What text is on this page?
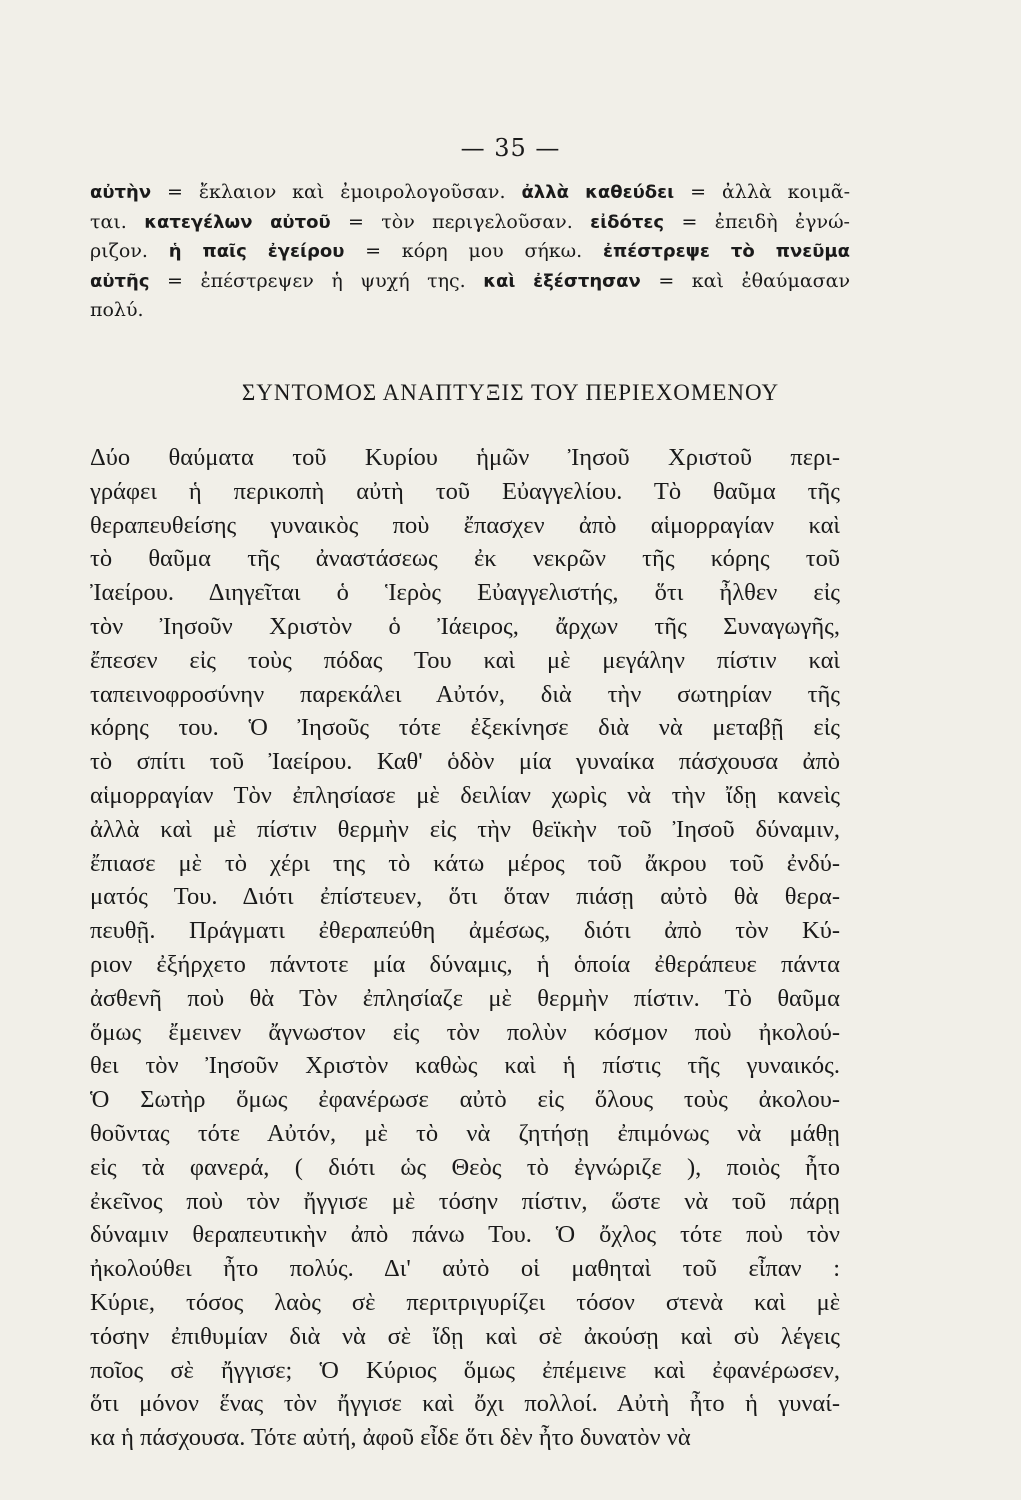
— 35 —

αὐτὴν = ἔκλαιον καὶ ἐμοιρολογοῦσαν. ἀλλὰ καθεύδει = ἀλλὰ κοιμᾶ-
ται. κατεγέλων αὐτοῦ = τὸν περιγελοῦσαν. εἰδότες = ἐπειδὴ ἐγνώ-
ριζον. ἡ παῖς ἐγείρου = κόρη μου σήκω. ἐπέστρεψε τὸ πνεῦμα
αὐτῆς = ἐπέστρεψεν ἡ ψυχή της. καὶ ἐξέστησαν = καὶ ἐθαύμασαν
πολύ.

ΣΥΝΤΟΜΟΣ ΑΝΑΠΤΥΞΙΣ ΤΟΥ ΠΕΡΙΕΧΟΜΕΝΟΥ

Δύο θαύματα τοῦ Κυρίου ἡμῶν Ἰησοῦ Χριστοῦ περι-
γράφει ἡ περικοπὴ αὐτὴ τοῦ Εὐαγγελίου. Τὸ θαῦμα τῆς
θεραπευθείσης γυναικὸς ποὺ ἔπασχεν ἀπὸ αἱμορραγίαν καὶ
τὸ θαῦμα τῆς ἀναστάσεως ἐκ νεκρῶν τῆς κόρης τοῦ
Ἰαείρου. Διηγεῖται ὁ Ἱερὸς Εὐαγγελιστής, ὅτι ἦλθεν εἰς
τὸν Ἰησοῦν Χριστὸν ὁ Ἰάειρος, ἄρχων τῆς Συναγωγῆς,
ἔπεσεν εἰς τοὺς πόδας Του καὶ μὲ μεγάλην πίστιν καὶ
ταπεινοφροσύνην παρεκάλει Αὐτόν, διὰ τὴν σωτηρίαν τῆς
κόρης του. Ὁ Ἰησοῦς τότε ἐξεκίνησε διὰ νὰ μεταβῇ εἰς
τὸ σπίτι τοῦ Ἰαείρου. Καθ' ὁδὸν μία γυναίκα πάσχουσα ἀπὸ
αἱμορραγίαν Τὸν ἐπλησίασε μὲ δειλίαν χωρὶς νὰ τὴν ἴδῃ κανεὶς
ἀλλὰ καὶ μὲ πίστιν θερμὴν εἰς τὴν θεϊκὴν τοῦ Ἰησοῦ δύναμιν,
ἔπιασε μὲ τὸ χέρι της τὸ κάτω μέρος τοῦ ἄκρου τοῦ ἐνδύ-
ματός Του. Διότι ἐπίστευεν, ὅτι ὅταν πιάσῃ αὐτὸ θὰ θερα-
πευθῇ. Πράγματι ἐθεραπεύθη ἀμέσως, διότι ἀπὸ τὸν Κύ-
ριον ἐξήρχετο πάντοτε μία δύναμις, ἡ ὁποία ἐθεράπευε πάντα
ἀσθενῆ ποὺ θὰ Τὸν ἐπλησίαζε μὲ θερμὴν πίστιν. Τὸ θαῦμα
ὅμως ἔμεινεν ἄγνωστον εἰς τὸν πολὺν κόσμον ποὺ ἠκολού-
θει τὸν Ἰησοῦν Χριστὸν καθὼς καὶ ἡ πίστις τῆς γυναικός.
Ὁ Σωτὴρ ὅμως ἐφανέρωσε αὐτὸ εἰς ὅλους τοὺς ἀκολου-
θοῦντας τότε Αὐτόν, μὲ τὸ νὰ ζητήσῃ ἐπιμόνως νὰ μάθῃ
εἰς τὰ φανερά, ( διότι ὡς Θεὸς τὸ ἐγνώριζε ), ποιὸς ἦτο
ἐκεῖνος ποὺ τὸν ἤγγισε μὲ τόσην πίστιν, ὥστε νὰ τοῦ πάρῃ
δύναμιν θεραπευτικὴν ἀπὸ πάνω Του. Ὁ ὄχλος τότε ποὺ τὸν
ἠκολούθει ἦτο πολύς. Δι' αὐτὸ οἱ μαθηταὶ τοῦ εἶπαν :
Κύριε, τόσος λαὸς σὲ περιτριγυρίζει τόσον στενὰ καὶ μὲ
τόσην ἐπιθυμίαν διὰ νὰ σὲ ἴδῃ καὶ σὲ ἀκούσῃ καὶ σὺ λέγεις
ποῖος σὲ ἤγγισε; Ὁ Κύριος ὅμως ἐπέμεινε καὶ ἐφανέρωσεν,
ὅτι μόνον ἕνας τὸν ἤγγισε καὶ ὄχι πολλοί. Αὐτὴ ἦτο ἡ γυναί-
κα ἡ πάσχουσα. Τότε αὐτή, ἀφοῦ εἶδε ὅτι δὲν ἦτο δυνατὸν νὰ
